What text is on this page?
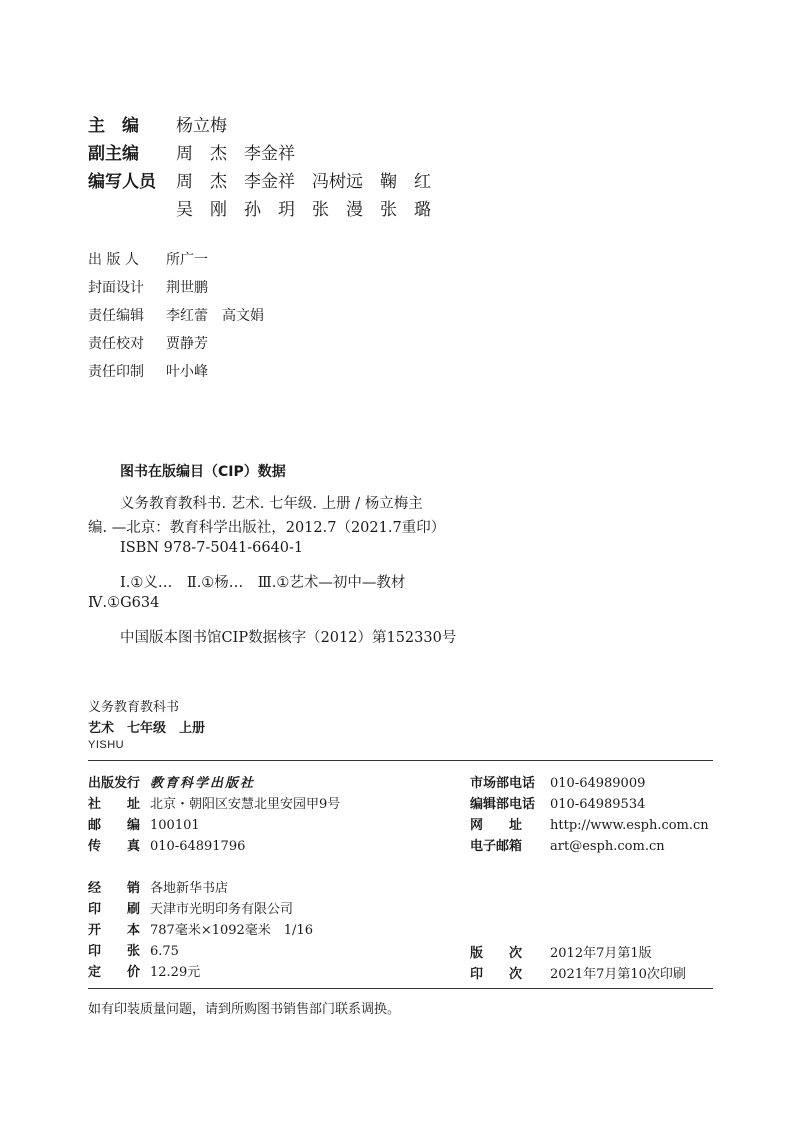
主　编 杨立梅
副主编 周　杰　李金祥
编写人员 周　杰　李金祥　冯树远　鞠　红
吴　刚　孙　玥　张　漫　张　璐
出 版 人 所广一
封面设计 荆世鹏
责任编辑 李红蕾　高文娟
责任校对 贾静芳
责任印制 叶小峰
图书在版编目（CIP）数据
义务教育教科书. 艺术. 七年级. 上册 / 杨立梅主
编. —北京：教育科学出版社，2012.7（2021.7重印）
ISBN 978-7-5041-6640-1
Ⅰ.①义…　Ⅱ.①杨…　Ⅲ.①艺术—初中—教材
Ⅳ.①G634
中国版本图书馆CIP数据核字（2012）第152330号
义务教育教科书
艺术　七年级　上册
YISHU
出版发行 教育科学出版社
社　　址 北京・朝阳区安慧北里安园甲9号
邮　　编 100101
传　　真 010-64891796
市场部电话 010-64989009
编辑部电话 010-64989534
网　　址 http://www.esph.com.cn
电子邮箱 art@esph.com.cn
经　　销 各地新华书店
印　　刷 天津市光明印务有限公司
开　　本 787毫米×1092毫米　1/16
印　　张 6.75
定　　价 12.29元
版　　次 2012年7月第1版
印　　次 2021年7月第10次印刷
如有印装质量问题，请到所购图书销售部门联系调换。
